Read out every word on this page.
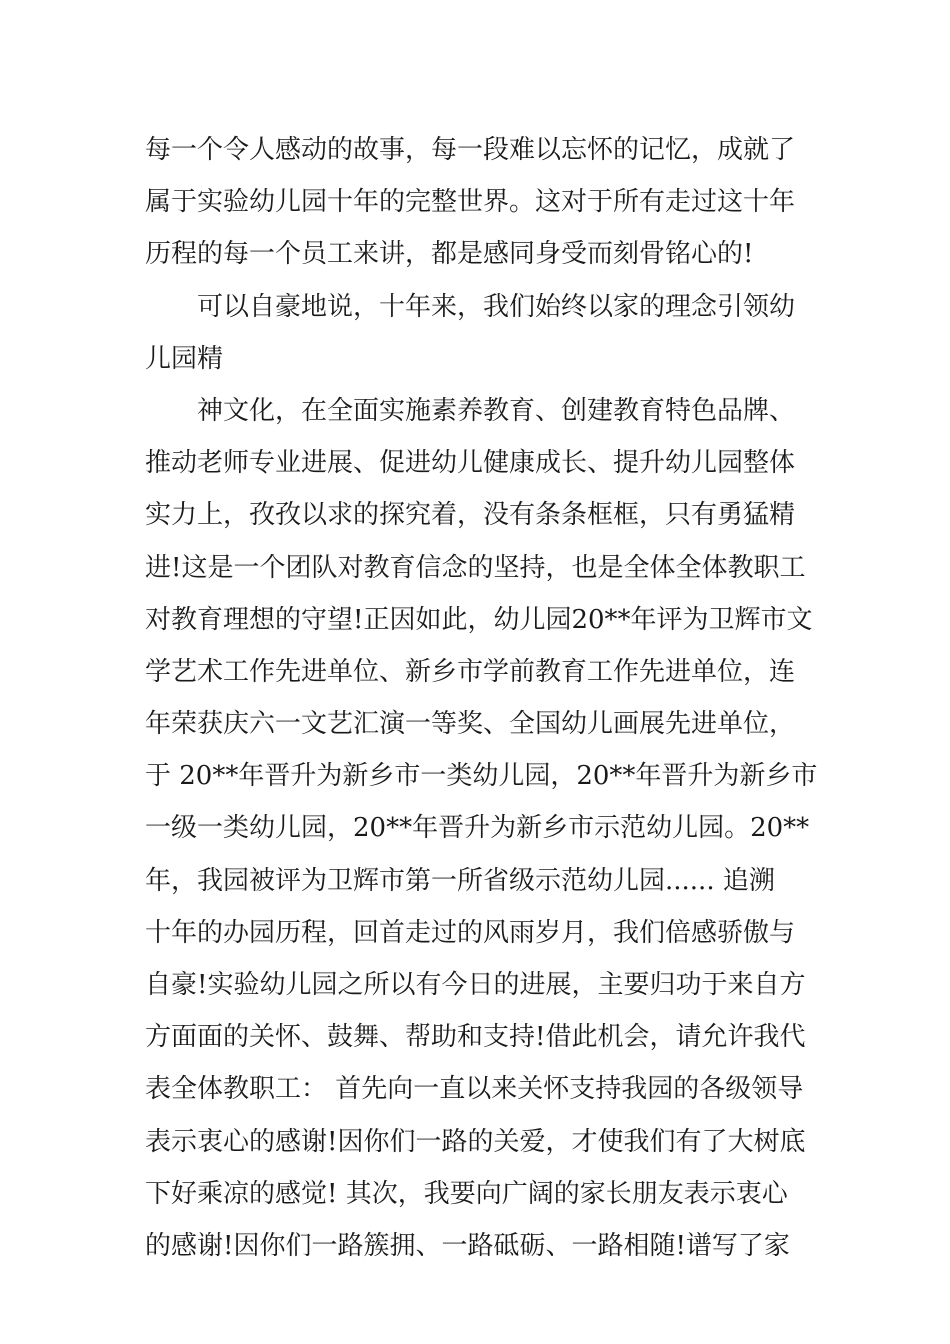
每一个令人感动的故事，每一段难以忘怀的记忆，成就了
属于实验幼儿园十年的完整世界。这对于所有走过这十年
历程的每一个员工来讲，都是感同身受而刻骨铭心的!
可以自豪地说，十年来，我们始终以家的理念引领幼
儿园精
神文化，在全面实施素养教育、创建教育特色品牌、
推动老师专业进展、促进幼儿健康成长、提升幼儿园整体
实力上，孜孜以求的探究着，没有条条框框，只有勇猛精
进!这是一个团队对教育信念的坚持，也是全体全体教职工
对教育理想的守望!正因如此，幼儿园20**年评为卫辉市文
学艺术工作先进单位、新乡市学前教育工作先进单位，连
年荣获庆六一文艺汇演一等奖、全国幼儿画展先进单位，
于 20**年晋升为新乡市一类幼儿园，20**年晋升为新乡市
一级一类幼儿园，20**年晋升为新乡市示范幼儿园。20**
年，我园被评为卫辉市第一所省级示范幼儿园...... 追溯
十年的办园历程，回首走过的风雨岁月，我们倍感骄傲与
自豪!实验幼儿园之所以有今日的进展，主要归功于来自方
方面面的关怀、鼓舞、帮助和支持!借此机会，请允许我代
表全体教职工： 首先向一直以来关怀支持我园的各级领导
表示衷心的感谢!因你们一路的关爱，才使我们有了大树底
下好乘凉的感觉! 其次，我要向广阔的家长朋友表示衷心
的感谢!因你们一路簇拥、一路砥砺、一路相随!谱写了家
